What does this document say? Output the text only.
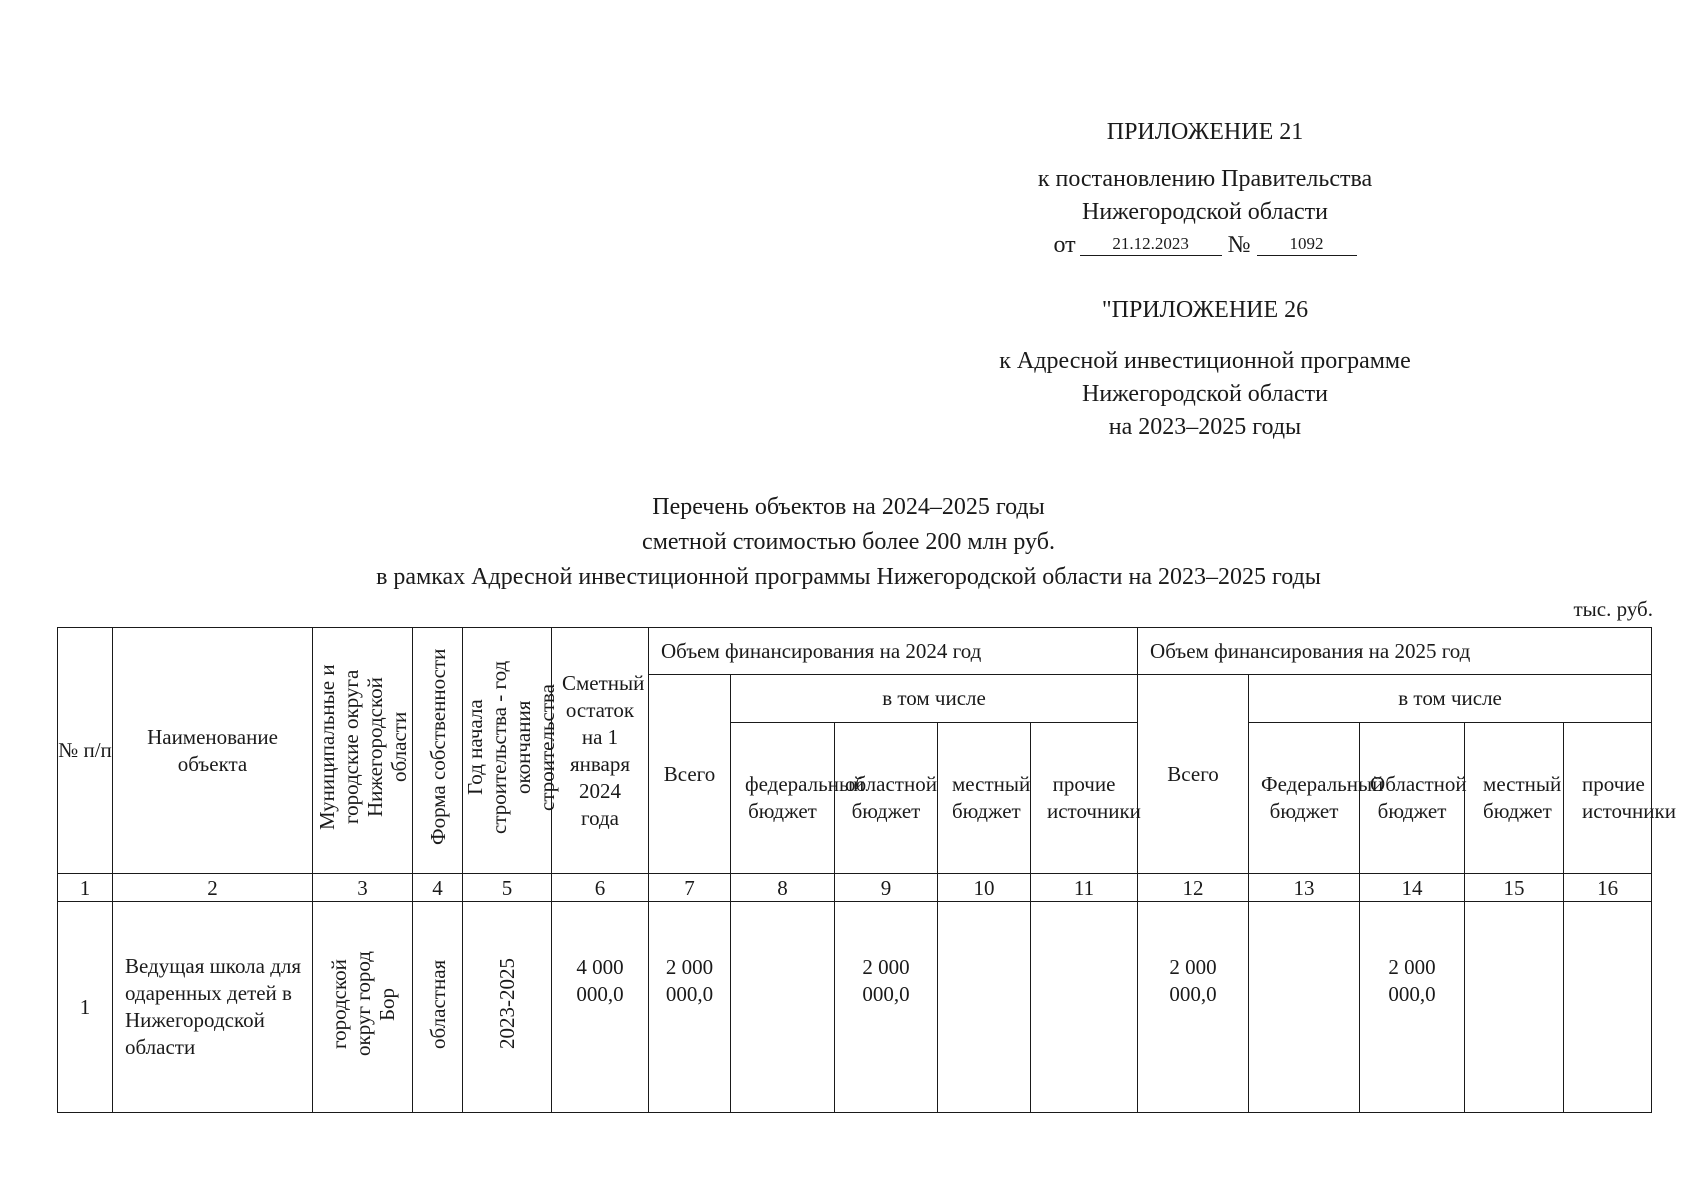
ПРИЛОЖЕНИЕ 21
к постановлению Правительства
Нижегородской области
от 21.12.2023 № 1092
"ПРИЛОЖЕНИЕ 26
к Адресной инвестиционной программе
Нижегородской области
на 2023–2025 годы
Перечень объектов на 2024–2025 годы
сметной стоимостью более 200 млн руб.
в рамках Адресной инвестиционной программы Нижегородской области на 2023–2025 годы
тыс. руб.
№ п/п	Наименование объекта	Муниципальные и городские округа Нижегородской области	Форма собственности	Год начала строительства - год окончания строительства	Сметный остаток на 1 января 2024 года	Объем финансирования на 2024 год					Объем финансирования на 2025 год				
						Всего	в том числе				Всего	в том числе			
							федеральный бюджет	областной бюджет	местный бюджет	прочие источники		Федеральный бюджет	Областной бюджет	местный бюджет	прочие источники
1	2	3	4	5	6	7	8	9	10	11	12	13	14	15	16
1	Ведущая школа для одаренных детей в Нижегородской области	городской округ город Бор	областная	2023-2025	4 000 000,0	2 000 000,0		2 000 000,0			2 000 000,0		2 000 000,0		
